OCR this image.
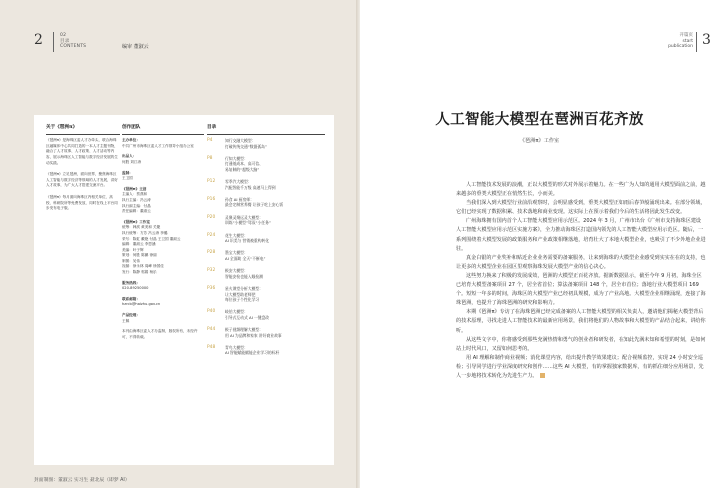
2	02
目录
CONTENTS	编审 董淑云
关于《琶洲π》
《琶洲π》是海珠区委人才办牵头，联合海珠区融媒体中心共同打造的一本人才主题刊物，融合了人才故事、人才政策、人才活动等内容，展示海珠区人工智能与数字经济发展的生动实践。
《琶洲π》立足琶洲，面向世界，聚焦海珠区人工智能与数字经济等领域的人才发展，讲好人才故事，为广大人才搭建交流平台。
《琶洲π》每月面向海珠区内相关单位、高校、科研院所等免费发放，同时在线上平台同步发布电子版。
创作团队
主办单位：
中共广州市海珠区委人才工作领导小组办公室
出品人：
何胜 刘江涛
监制：
王卫国
《琶洲π》主创
主编人：蔡燕和
执行主编：冯云涛
执行副主编：付晶
责任编辑：董淑云
《琶洲π》工作室
统筹：韩滨 黄美和 关婕
执行统筹：方芳 冯云涛 李璐
采写：陈虹 戴艳 付晶 王卫国 董淑云
编辑：董淑云 李思涵
美编：叶子辉
策划：何胜 陈鹏 徐丽
制图：吴伟
视频：徐永林 周峰 徐国佳
发行：陈静 郭娟 杨乐
服务热线：
020-89250000
联系邮箱：
hzrcb@haizhu.gov.cn
产品经理：
王佩
本刊由海珠区委人才办监制，版权所有，未经许可，不得转载。
目录
P4	知行交融大模型：
打破传统交通“数据孤岛”
P8	行知大模型：
打通低成本、高可信、
易复制的“超级大脑”
P12	零季汽大模型：
汽配智能千万级 高速马上得到
P16	孙食 AI 厨房师：
最会定制营养餐 让孩子吃上安心饭
P20	灵聚灵聚远灵大模型：
训练“小模型”驾驭“小任务”
P24	花生大模型：
AI 识美与 营销被重构转化
P28	墨宝大模型：
AI 全面助 全天“不断电”
P32	极安大模型：
智能安检也能入眼检测
P36	星火课堂分析大模型：
让大模型助老师把
每位孩子个性化学习
P40	岐伯大模型：
引导式互动式 AI 一键盘改
P44	极子视频理解大模型：
用 AI 为品牌和家家 讲好商业故事
P48	青鸟大模型：
AI 智能赋能赋能企业学习的标杆
封面制图：董淑云 实习生 聂北辰（即梦 AI）
开篇页
start
publication 3
人工智能大模型在琶洲百花齐放
《琶洲π》工作室

人工智能技术发展的浪潮，正以大模型的形式对外展示着魅力。在一些广为人知的通用大模型面前之前，越来越多的垂类大模型正在悄然生长，小而美。

当我们深入到大模型行业前沿观察时，会明显感受到，垂类大模型正如雨后春笋般涌现出来。在部分领域，它们已经实现了数据积累、技术落地和商业变现。这实际上在预示着我们今后的生活将因此发生改变。

广州海珠拥有国内首个人工智能大模型应用示范区。2024 年 3 月，广州市出台《广州市支持海珠区建设人工智能大模型应用示范区实施方案》，全力推动海珠区打造国内领先的人工智能大模型应用示范区。随后，一系列围绕着大模型发展的政策服务和产业政策相继落地，培育壮大了本地大模型企业，也吸引了不少外地企业进驻。

真金白银的产业奖补和贴近企业业务需要的备案服务，让来到海珠的大模型企业感受到实实在在的支持，也让更多的大模型企业在园区里观察海珠发展大模型产业的信心决心。

这些努力换来了积极的发展成效，琶洲的大模型正百花齐放。据新数据显示，截至今年 9 月初，海珠全区已培育大模型备案项目 27 个，居全省首位；算法备案项目 148 个，居全市首位；落地行业大模型项目 169 个。短短一年多的时间，海珠区的大模型产业已经初具规模，成为了产业高地。大模型企业相继涌现，连接了海珠琶洲，也提升了海珠琶洲的研究和影响力。

本期《琶洲π》专访了在海珠琶洲已经完成备案的人工智能大模型的相关负责人，邀请他们揭秘大模型背后的技术原理，寻找走进人工智能技术的最新应用场景，我们将他们的人物故事和大模型的产品结合起来，讲给你听。

从这些文字中，你将感受到那些充满热情和勇气的创业者和研发者，在知此先满未知和希望的时刻，是如何站上时代风口，又留如何思考的。

用 AI 理解和制作商业视频；消化课堂内容，给出提升教学效果建议；配合视频监控，实现 24 小时安全巡检；引导同学进行学业深度研究和创作……这些 AI 大模型，有的掌握独家数据库，有的抓住细分应用场景，先人一步地将技术转化为先进生产力。
